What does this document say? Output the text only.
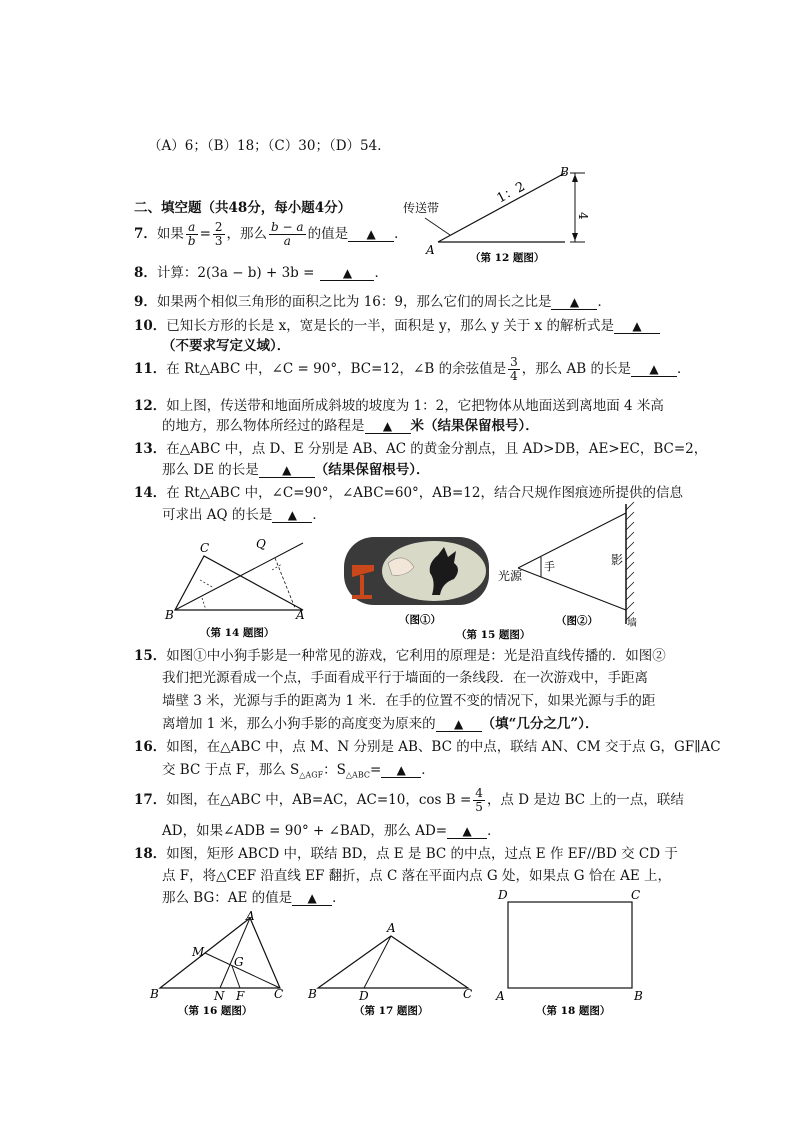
（A）6；（B）18；（C）30；（D）54．
二、填空题（共48分，每小题4分）
7．如果 $\frac{a}{b} = \frac{2}{3}$ ，那么 $\frac{b - a}{a}$ 的值是 ▲ ．
8．计算：2(3a − b) + 3b = ▲ ．
9．如果两个相似三角形的面积之比为 16：9，那么它们的周长之比是 ▲ ．
10．已知长方形的长是 x，宽是长的一半，面积是 y，那么 y 关于 x 的解析式是 ▲
（不要求写定义域）．
11．在 Rt△ABC 中，∠C = 90°，BC=12，∠B 的余弦值是 $\frac{3}{4}$ ，那么 AB 的长是 ▲ ．
12．如上图，传送带和地面所成斜坡的坡度为 1：2，它把物体从地面送到离地面 4 米高
的地方，那么物体所经过的路程是 ▲ 米（结果保留根号）．
13．在△ABC 中，点 D、E 分别是 AB、AC 的黄金分割点，且 AD>DB，AE>EC，BC=2，
那么 DE 的长是 ▲ （结果保留根号）．
14．在 Rt△ABC 中，∠C=90°，∠ABC=60°，AB=12，结合尺规作图痕迹所提供的信息
可求出 AQ 的长是 ▲ ．
传送带
1：2
4
A
B
（第 12 题图）
C	Q
B	A
（第 14 题图）
（图①）
（第 15 题图）
光源
手	影
（图②）	墙
15．如图①中小狗手影是一种常见的游戏，它利用的原理是：光是沿直线传播的．如图②
我们把光源看成一个点，手面看成平行于墙面的一条线段．在一次游戏中，手距离
墙壁 3 米，光源与手的距离为 1 米．在手的位置不变的情况下，如果光源与手的距
离增加 1 米，那么小狗手影的高度变为原来的 ▲ （填“几分之几”）．
16．如图，在△ABC 中，点 M、N 分别是 AB、BC 的中点，联结 AN、CM 交于点 G，GF∥AC
交 BC 于点 F，那么 $S_{\triangle AGF}$：$S_{\triangle ABC}=$ ▲ ．
17．如图，在△ABC 中，AB=AC，AC=10，$\cos B = \frac{4}{5}$ ，点 D 是边 BC 上的一点，联结
AD，如果∠ADB = 90° + ∠BAD，那么 AD= ▲ ．
18．如图，矩形 ABCD 中，联结 BD，点 E 是 BC 的中点，过点 E 作 EF//BD 交 CD 于
点 F，将△CEF 沿直线 EF 翻折，点 C 落在平面内点 G 处，如果点 G 恰在 AE 上，
那么 BG：AE 的值是 ▲ ．
A
M
G
B	N F C
（第 16 题图）
A
B	D	C
（第 17 题图）
D	C
A	B
（第 18 题图）
